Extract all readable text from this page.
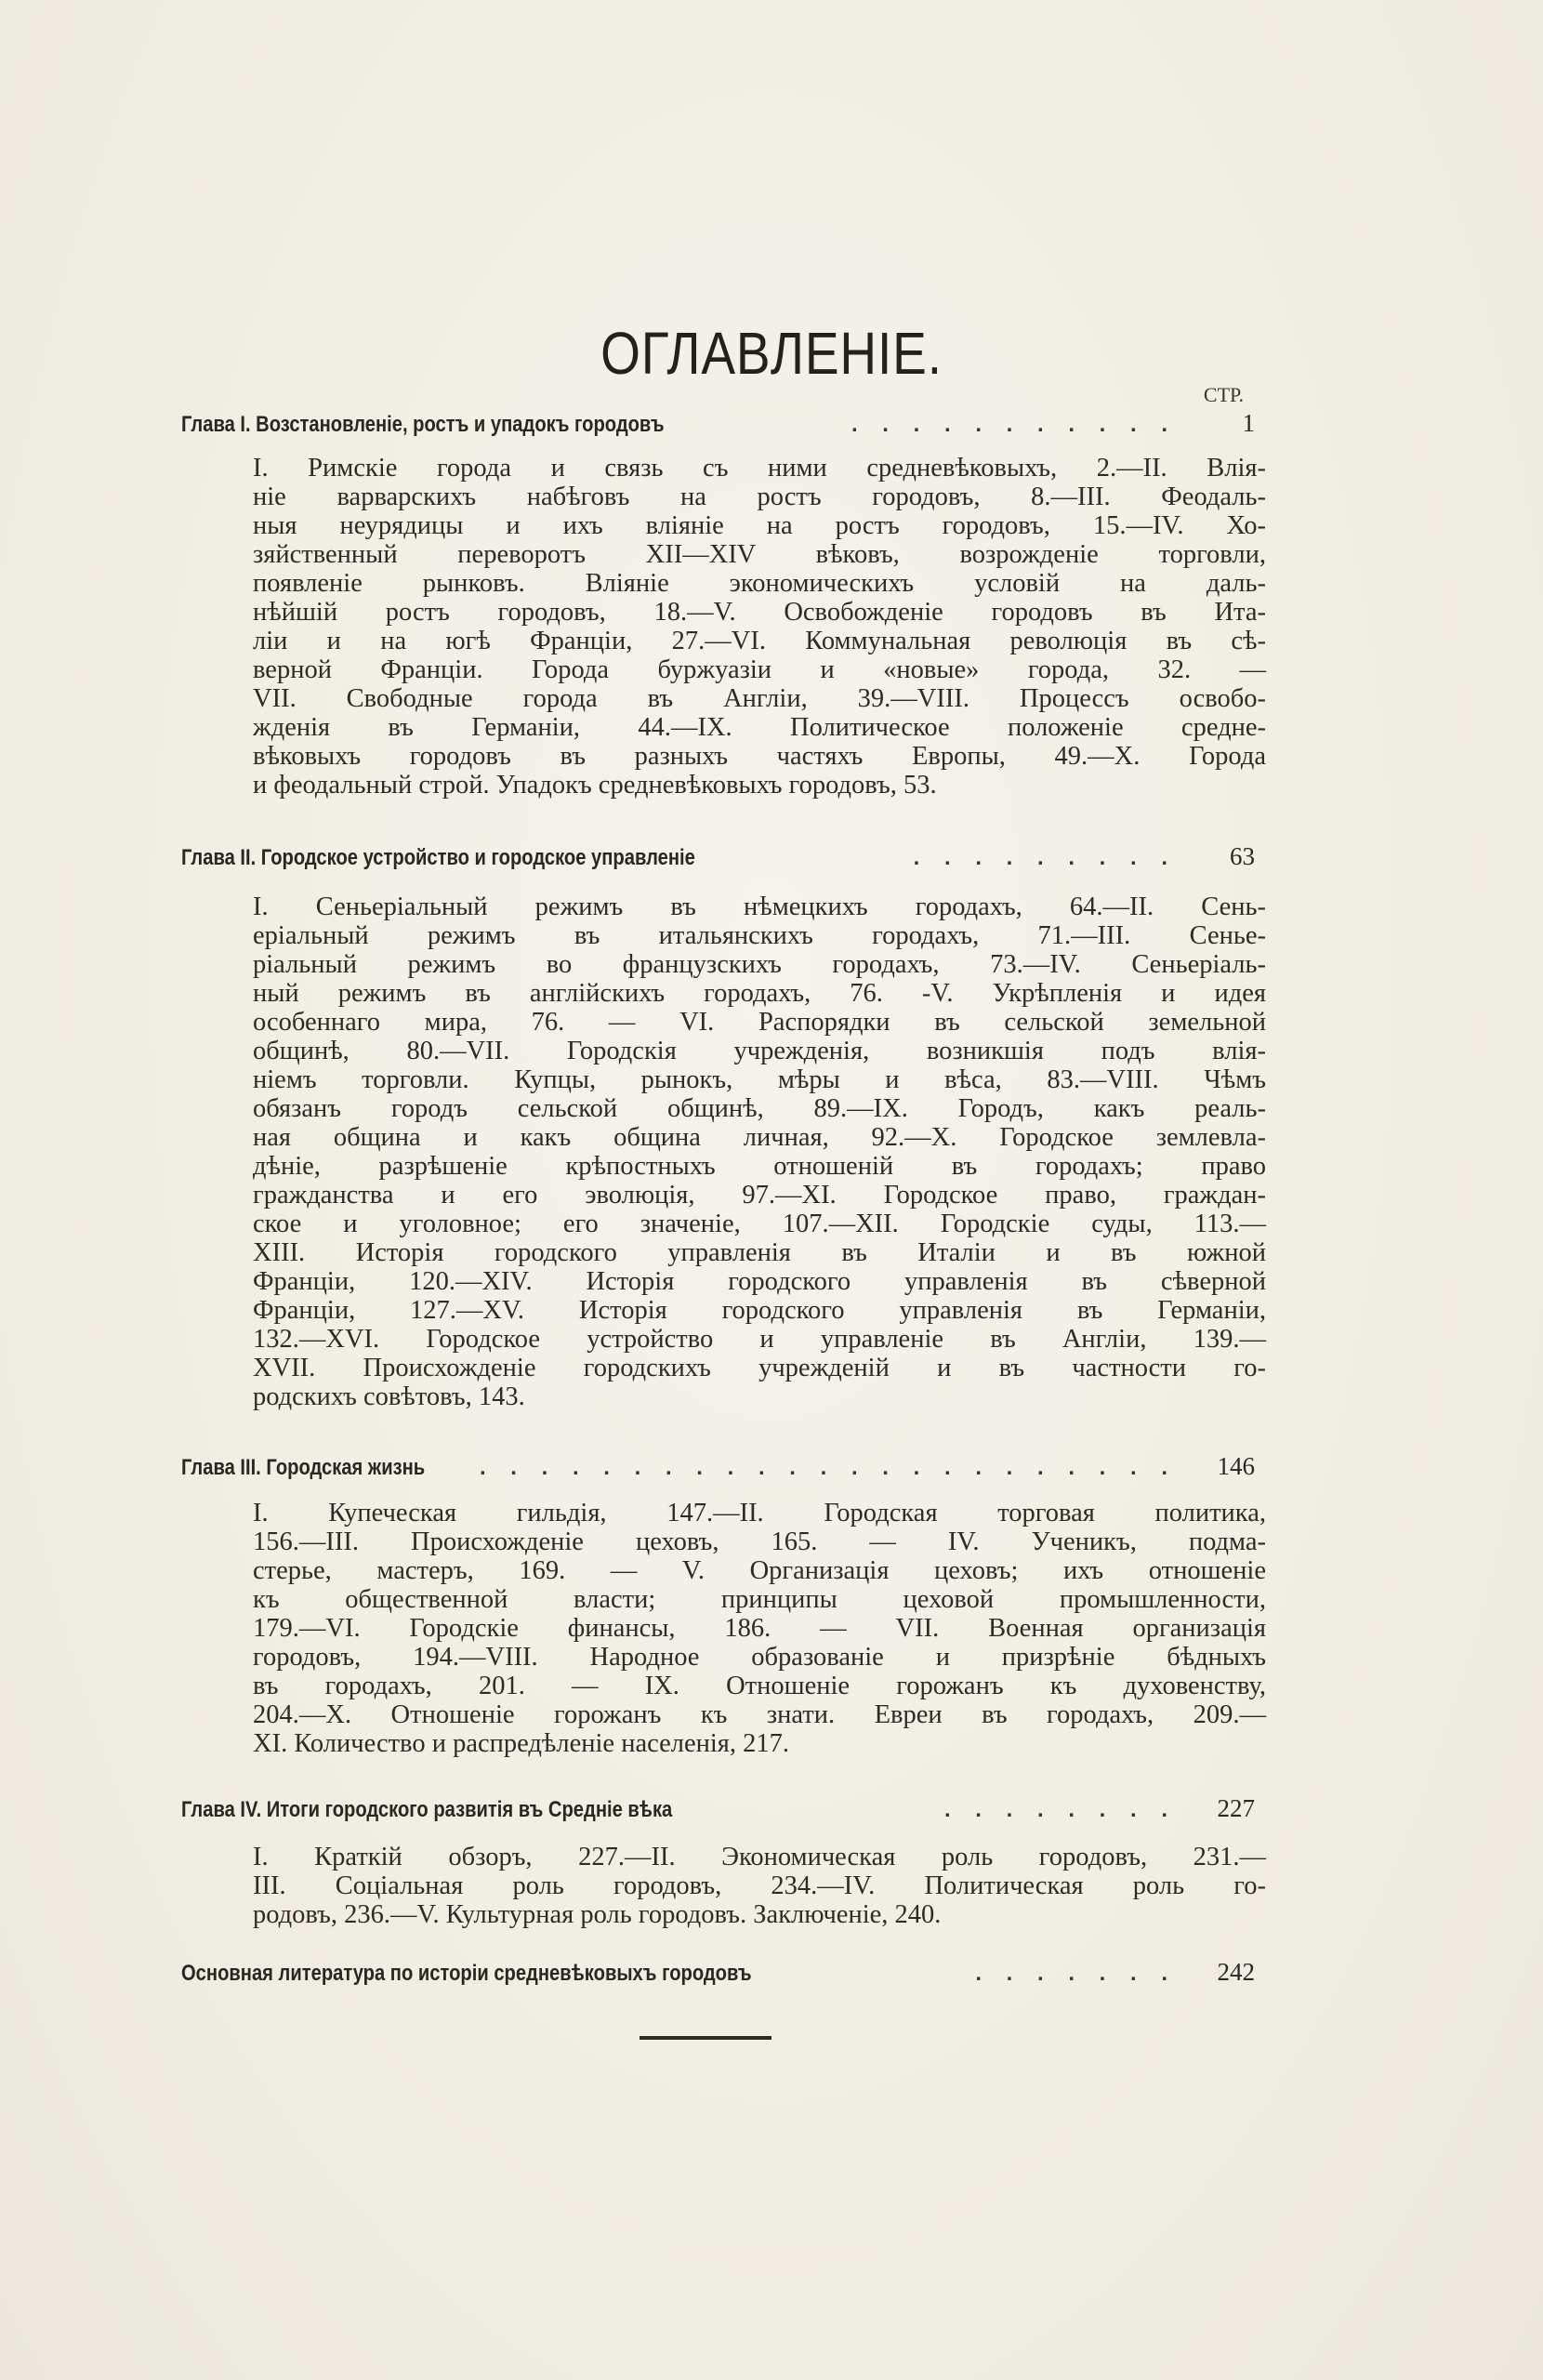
ОГЛАВЛЕНІЕ.
СТР.
Глава I. Возстановленіе, ростъ и упадокъ городовъ	. . . . . . . . . . .	1
I. Римскіе города и связь съ ними средневѣковыхъ, 2.—II. Влія-
ніе варварскихъ набѣговъ на ростъ городовъ, 8.—III. Феодаль-
ныя неурядицы и ихъ вліяніе на ростъ городовъ, 15.—IV. Хо-
зяйственный переворотъ XII—XIV вѣковъ, возрожденіе торговли,
появленіе рынковъ. Вліяніе экономическихъ условій на даль-
нѣйшій ростъ городовъ, 18.—V. Освобожденіе городовъ въ Ита-
ліи и на югѣ Франціи, 27.—VI. Коммунальная революція въ сѣ-
верной Франціи. Города буржуазіи и «новые» города, 32. —
VII. Свободные города въ Англіи, 39.—VIII. Процессъ освобо-
жденія въ Германіи, 44.—IX. Политическое положеніе средне-
вѣковыхъ городовъ въ разныхъ частяхъ Европы, 49.—X. Города
и феодальный строй. Упадокъ средневѣковыхъ городовъ, 53.
Глава II. Городское устройство и городское управленіе	. . . . . . . . .	63
I. Сеньеріальный режимъ въ нѣмецкихъ городахъ, 64.—II. Сень-
еріальный режимъ въ итальянскихъ городахъ, 71.—III. Сенье-
ріальный режимъ во французскихъ городахъ, 73.—IV. Сеньеріаль-
ный режимъ въ англійскихъ городахъ, 76. -V. Укрѣпленія и идея
особеннаго мира, 76. — VI. Распорядки въ сельской земельной
общинѣ, 80.—VII. Городскія учрежденія, возникшія подъ влія-
ніемъ торговли. Купцы, рынокъ, мѣры и вѣса, 83.—VIII. Чѣмъ
обязанъ городъ сельской общинѣ, 89.—IX. Городъ, какъ реаль-
ная община и какъ община личная, 92.—X. Городское землевла-
дѣніе, разрѣшеніе крѣпостныхъ отношеній въ городахъ; право
гражданства и его эволюція, 97.—XI. Городское право, граждан-
ское и уголовное; его значеніе, 107.—XII. Городскіе суды, 113.—
XIII. Исторія городского управленія въ Италіи и въ южной
Франціи, 120.—XIV. Исторія городского управленія въ сѣверной
Франціи, 127.—XV. Исторія городского управленія въ Германіи,
132.—XVI. Городское устройство и управленіе въ Англіи, 139.—
XVII. Происхожденіе городскихъ учрежденій и въ частности го-
родскихъ совѣтовъ, 143.
Глава III. Городская жизнь	. . . . . . . . . . . . . . . . . . . . . . .	146
I. Купеческая гильдія, 147.—II. Городская торговая политика,
156.—III. Происхожденіе цеховъ, 165. — IV. Ученикъ, подма-
стерье, мастеръ, 169. — V. Организація цеховъ; ихъ отношеніе
къ общественной власти; принципы цеховой промышленности,
179.—VI. Городскіе финансы, 186. — VII. Военная организація
городовъ, 194.—VIII. Народное образованіе и призрѣніе бѣдныхъ
въ городахъ, 201. — IX. Отношеніе горожанъ къ духовенству,
204.—X. Отношеніе горожанъ къ знати. Евреи въ городахъ, 209.—
XI. Количество и распредѣленіе населенія, 217.
Глава IV. Итоги городского развитія въ Средніе вѣка	. . . . . . . .	227
I. Краткій обзоръ, 227.—II. Экономическая роль городовъ, 231.—
III. Соціальная роль городовъ, 234.—IV. Политическая роль го-
родовъ, 236.—V. Культурная роль городовъ. Заключеніе, 240.
Основная литература по исторіи средневѣковыхъ городовъ	. . . . . . .	242
